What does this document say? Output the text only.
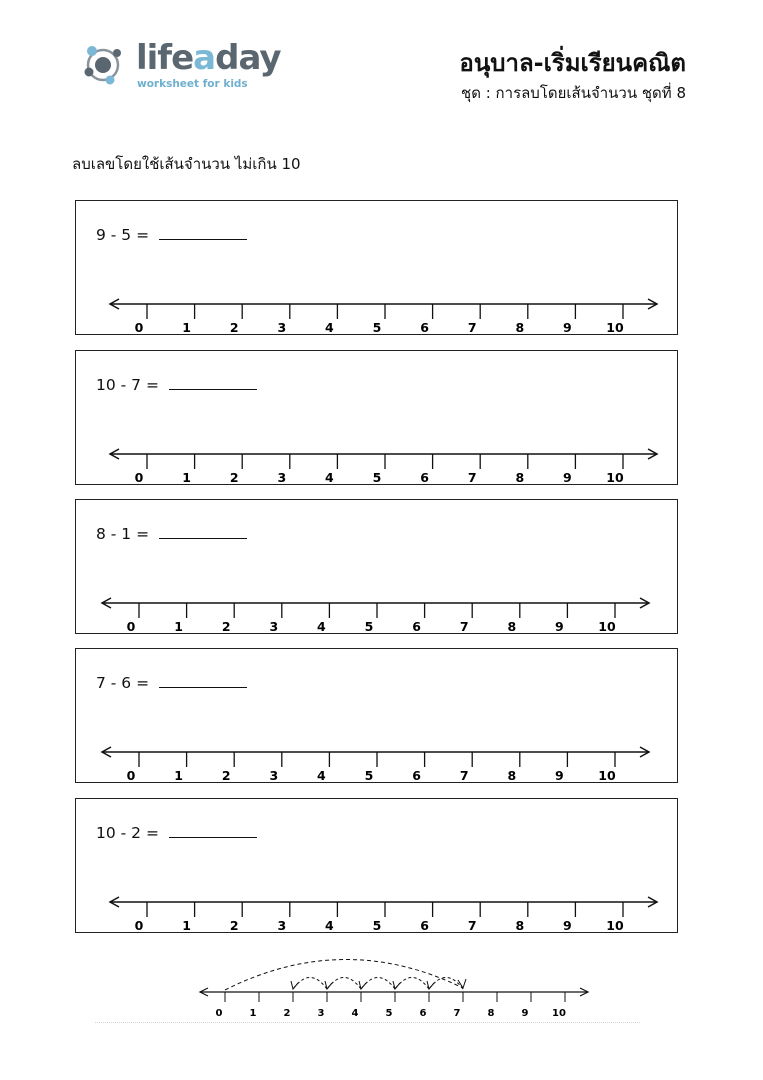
lifeaday
worksheet for kids
อนุบาล-เริ่มเรียนคณิต
ชุด : การลบโดยเส้นจำนวน ชุดที่ 8
ลบเลขโดยใช้เส้นจำนวน ไม่เกิน 10
9 - 5 =
0	1	2	3	4	5	6	7	8	9	10
10 - 7 =
0	1	2	3	4	5	6	7	8	9	10
8 - 1 =
0	1	2	3	4	5	6	7	8	9	10
7 - 6 =
0	1	2	3	4	5	6	7	8	9	10
10 - 2 =
0	1	2	3	4	5	6	7	8	9	10
0	1	2	3	4	5	6	7	8	9 10
